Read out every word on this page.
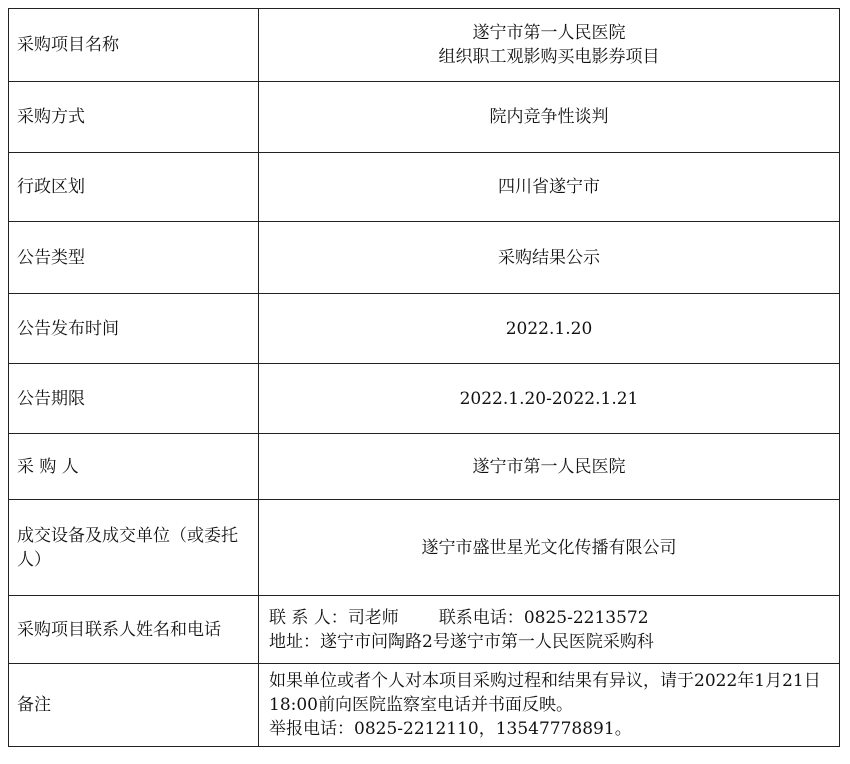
采购项目名称	遂宁市第一人民医院
组织职工观影购买电影券项目

采购方式	院内竞争性谈判
行政区划	四川省遂宁市
公告类型	采购结果公示
公告发布时间	2022.1.20
公告期限	2022.1.20-2022.1.21
采 购 人	遂宁市第一人民医院
成交设备及成交单位（或委托人）	遂宁市盛世星光文化传播有限公司
采购项目联系人姓名和电话	联 系 人：司老师 联系电话：0825-2213572
地址：遂宁市问陶路2号遂宁市第一人民医院采购科

备注	如果单位或者个人对本项目采购过程和结果有异议，请于2022年1月21日18:00前向医院监察室电话并书面反映。
举报电话：0825-2212110，13547778891。
